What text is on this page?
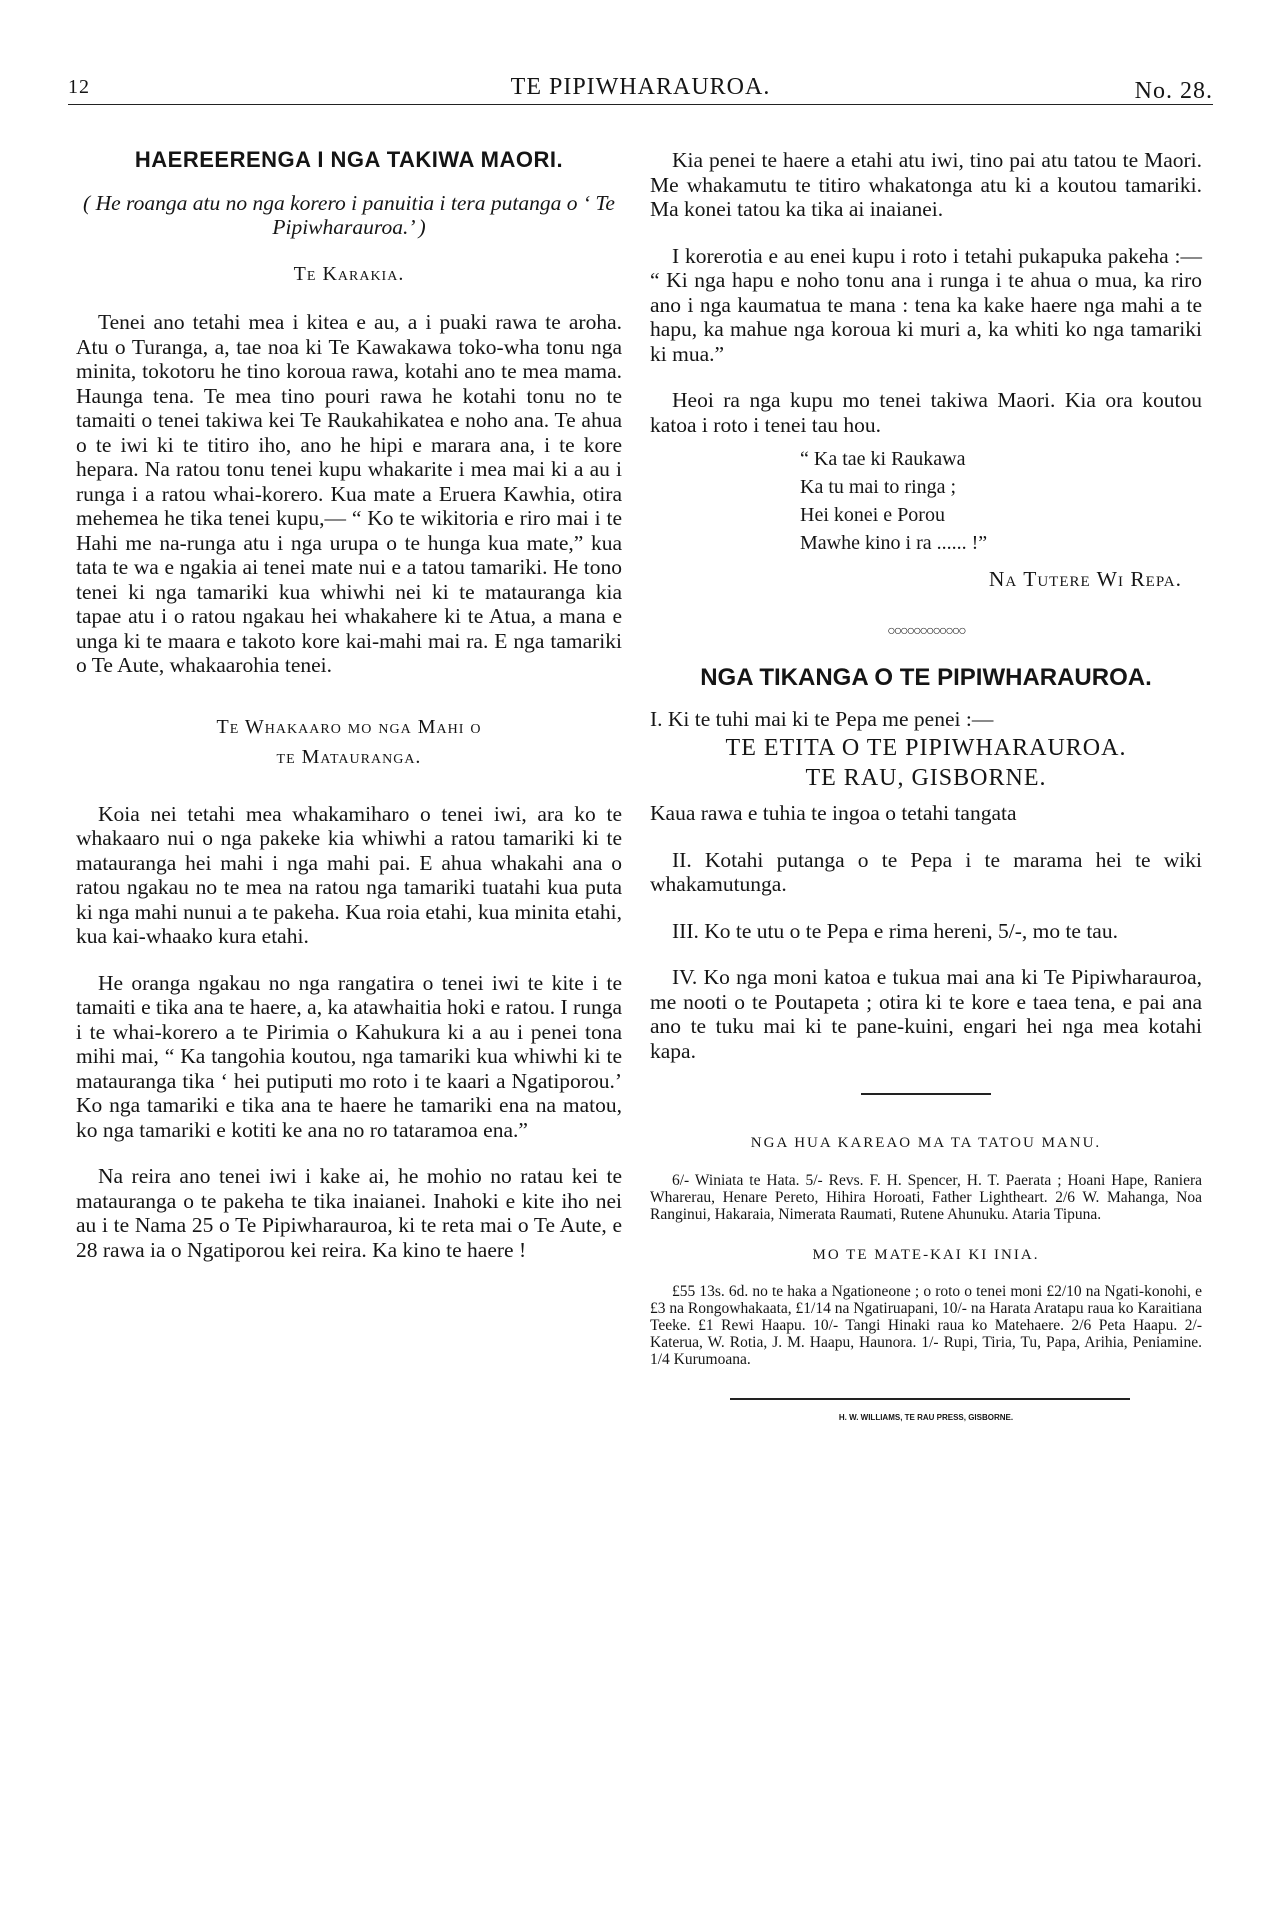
12	TE PIPIWHARAUROA.	No. 28.
HAEREERENGA I NGA TAKIWA MAORI.

( He roanga atu no nga korero i panuitia i tera putanga o ‘ Te Pipiwharauroa.’ )

Te Karakia.

Tenei ano tetahi mea i kitea e au, a i puaki rawa te aroha. Atu o Turanga, a, tae noa ki Te Kawakawa toko-wha tonu nga minita, tokotoru he tino koroua rawa, kotahi ano te mea mama. Haunga tena. Te mea tino pouri rawa he kotahi tonu no te tamaiti o tenei takiwa kei Te Raukahikatea e noho ana. Te ahua o te iwi ki te titiro iho, ano he hipi e marara ana, i te kore hepara. Na ratou tonu tenei kupu whakarite i mea mai ki a au i runga i a ratou whai-korero. Kua mate a Eruera Kawhia, otira mehemea he tika tenei kupu,— “ Ko te wikitoria e riro mai i te Hahi me na-runga atu i nga urupa o te hunga kua mate,” kua tata te wa e ngakia ai tenei mate nui e a tatou tamariki. He tono tenei ki nga tamariki kua whiwhi nei ki te matauranga kia tapae atu i o ratou ngakau hei whakahere ki te Atua, a mana e unga ki te maara e takoto kore kai-mahi mai ra. E nga tamariki o Te Aute, whakaarohia tenei.

Te Whakaaro mo nga Mahi o
te Matauranga.

Koia nei tetahi mea whakamiharo o tenei iwi, ara ko te whakaaro nui o nga pakeke kia whiwhi a ratou tamariki ki te matauranga hei mahi i nga mahi pai. E ahua whakahi ana o ratou ngakau no te mea na ratou nga tamariki tuatahi kua puta ki nga mahi nunui a te pakeha. Kua roia etahi, kua minita etahi, kua kai-whaako kura etahi.

He oranga ngakau no nga rangatira o tenei iwi te kite i te tamaiti e tika ana te haere, a, ka atawhaitia hoki e ratou. I runga i te whai-korero a te Pirimia o Kahukura ki a au i penei tona mihi mai, “ Ka tangohia koutou, nga tamariki kua whiwhi ki te matauranga tika ‘ hei putiputi mo roto i te kaari a Ngatiporou.’ Ko nga tamariki e tika ana te haere he tamariki ena na matou, ko nga tamariki e kotiti ke ana no ro tataramoa ena.”

Na reira ano tenei iwi i kake ai, he mohio no ratau kei te matauranga o te pakeha te tika inaianei. Inahoki e kite iho nei au i te Nama 25 o Te Pipiwharauroa, ki te reta mai o Te Aute, e 28 rawa ia o Ngatiporou kei reira. Ka kino te haere !

Kia penei te haere a etahi atu iwi, tino pai atu tatou te Maori. Me whakamutu te titiro whakatonga atu ki a koutou tamariki. Ma konei tatou ka tika ai inaianei.

I korerotia e au enei kupu i roto i tetahi pukapuka pakeha :— “ Ki nga hapu e noho tonu ana i runga i te ahua o mua, ka riro ano i nga kaumatua te mana : tena ka kake haere nga mahi a te hapu, ka mahue nga koroua ki muri a, ka whiti ko nga tamariki ki mua.”

Heoi ra nga kupu mo tenei takiwa Maori. Kia ora koutou katoa i roto i tenei tau hou.

“ Ka tae ki Raukawa
Ka tu mai to ringa ;
Hei konei e Porou
Mawhe kino i ra ...... !”
Na Tutere Wi Repa.
○○○○○○○○○○○○
NGA TIKANGA O TE PIPIWHARAUROA.

I. Ki te tuhi mai ki te Pepa me penei :—

TE ETITA O TE PIPIWHARAUROA.
TE RAU, GISBORNE.

Kaua rawa e tuhia te ingoa o tetahi tangata

II. Kotahi putanga o te Pepa i te marama hei te wiki whakamutunga.

III. Ko te utu o te Pepa e rima hereni, 5/-, mo te tau.

IV. Ko nga moni katoa e tukua mai ana ki Te Pipiwharauroa, me nooti o te Poutapeta ; otira ki te kore e taea tena, e pai ana ano te tuku mai ki te pane-kuini, engari hei nga mea kotahi kapa.

NGA HUA KAREAO MA TA TATOU MANU.

6/- Winiata te Hata. 5/- Revs. F. H. Spencer, H. T. Paerata ; Hoani Hape, Raniera Wharerau, Henare Pereto, Hihira Horoati, Father Lightheart. 2/6 W. Mahanga, Noa Ranginui, Hakaraia, Nimerata Raumati, Rutene Ahunuku. Ataria Tipuna.

MO TE MATE-KAI KI INIA.

£55 13s. 6d. no te haka a Ngationeone ; o roto o tenei moni £2/10 na Ngati-konohi, e £3 na Rongowhakaata, £1/14 na Ngatiruapani, 10/- na Harata Aratapu raua ko Karaitiana Teeke. £1 Rewi Haapu. 10/- Tangi Hinaki raua ko Matehaere. 2/6 Peta Haapu. 2/- Katerua, W. Rotia, J. M. Haapu, Haunora. 1/- Rupi, Tiria, Tu, Papa, Arihia, Peniamine. 1/4 Kurumoana.

H. W. WILLIAMS, TE RAU PRESS, GISBORNE.
